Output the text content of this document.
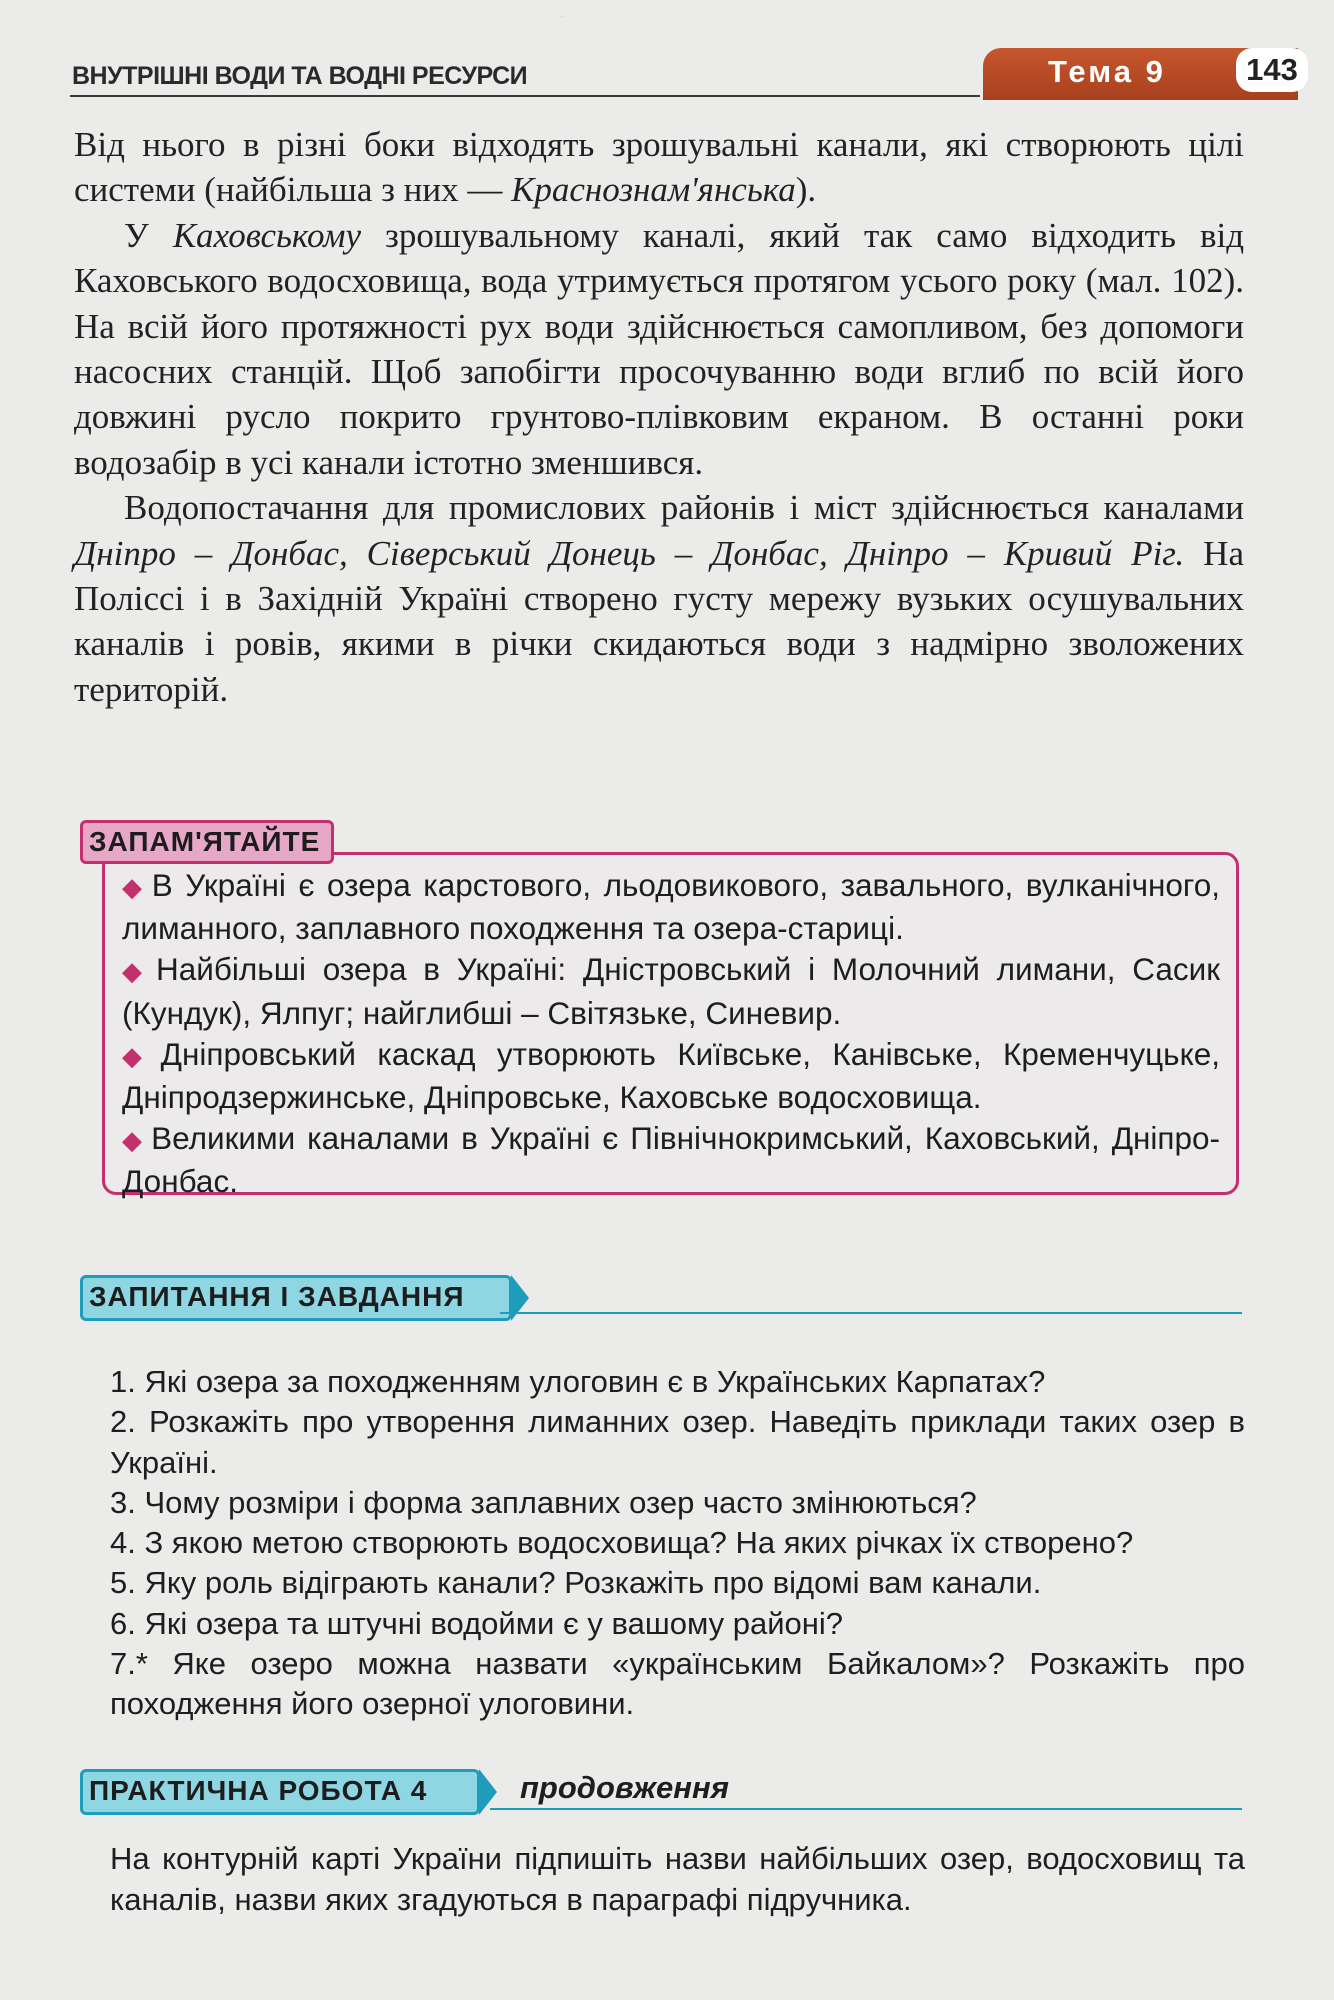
·
ВНУТРІШНІ ВОДИ ТА ВОДНІ РЕСУРСИ	Тема 9	143

Від нього в різні боки відходять зрошувальні канали, які створюють цілі системи (найбільша з них — Краснознам'янська).

У Каховському зрошувальному каналі, який так само відходить від Каховського водосховища, вода утримується протягом усього року (мал. 102). На всій його протяжності рух води здійснюється самопливом, без допомоги насосних станцій. Щоб запобігти просочуванню води вглиб по всій його довжині русло покрито грунтово-плівковим екраном. В останні роки водозабір в усі канали істотно зменшився.

Водопостачання для промислових районів і міст здійснюється каналами Дніпро – Донбас, Сіверський Донець – Донбас, Дніпро – Кривий Ріг. На Поліссі і в Західній Україні створено густу мережу вузьких осушувальних каналів і ровів, якими в річки скидаються води з надмірно зволожених територій.

ЗАПАМ'ЯТАЙТЕ
◆ В Україні є озера карстового, льодовикового, завального, вулканічного, лиманного, заплавного походження та озера-стариці.
◆ Найбільші озера в Україні: Дністровський і Молочний лимани, Сасик (Кундук), Ялпуг; найглибші – Світязьке, Синевир.
◆ Дніпровський каскад утворюють Київське, Канівське, Кременчуцьке, Дніпродзержинське, Дніпровське, Каховське водосховища.
◆ Великими каналами в Україні є Північнокримський, Каховський, Дніпро-Донбас.
ЗАПИТАННЯ І ЗАВДАННЯ
1. Які озера за походженням улоговин є в Українських Карпатах?
2. Розкажіть про утворення лиманних озер. Наведіть приклади таких озер в Україні.
3. Чому розміри і форма заплавних озер часто змінюються?
4. З якою метою створюють водосховища? На яких річках їх створено?
5. Яку роль відіграють канали? Розкажіть про відомі вам канали.
6. Які озера та штучні водойми є у вашому районі?
7.* Яке озеро можна назвати «українським Байкалом»? Розкажіть про походження його озерної улоговини.
ПРАКТИЧНА РОБОТА 4	продовження
На контурній карті України підпишіть назви найбільших озер, водосховищ та каналів, назви яких згадуються в параграфі підручника.
